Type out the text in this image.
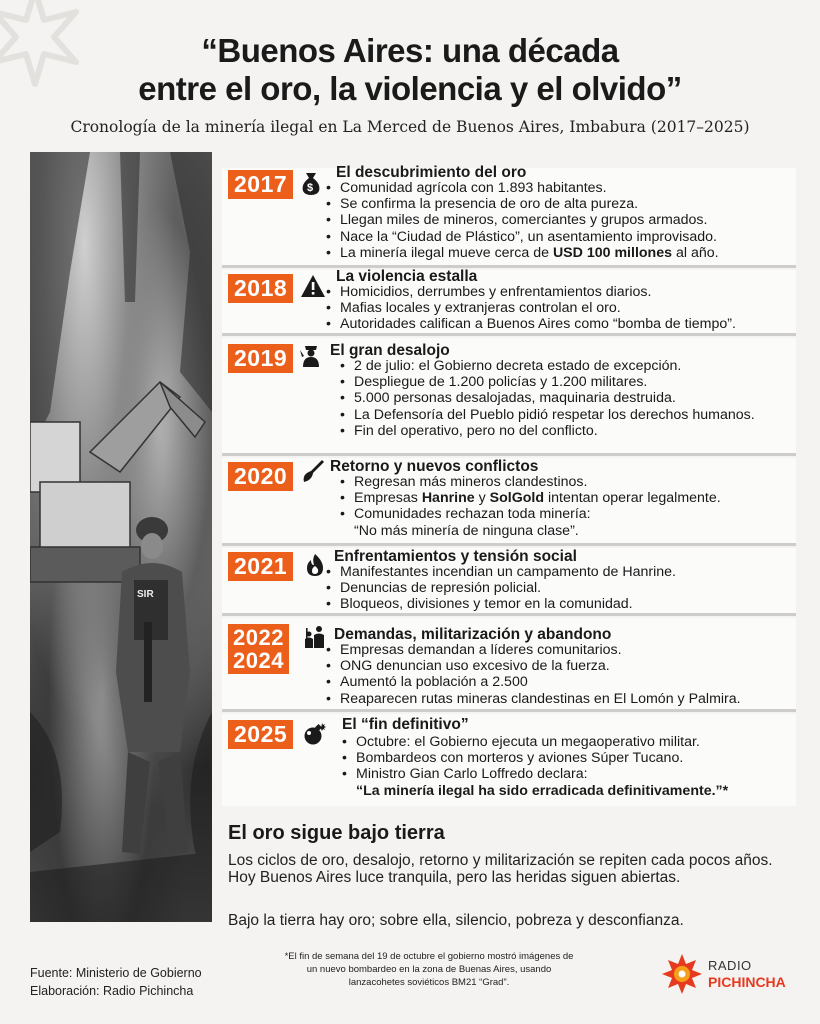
“Buenos Aires: una década
entre el oro, la violencia y el olvido”
Cronología de la minería ilegal en La Merced de Buenos Aires, Imbabura (2017–2025)
SIR
2017	$
El descubrimiento del oro
• Comunidad agrícola con 1.893 habitantes.
• Se confirma la presencia de oro de alta pureza.
• Llegan miles de mineros, comerciantes y grupos armados.
• Nace la “Ciudad de Plástico”, un asentamiento improvisado.
• La minería ilegal mueve cerca de USD 100 millones al año.
2018	La violencia estalla
• Homicidios, derrumbes y enfrentamientos diarios.
• Mafias locales y extranjeras controlan el oro.
• Autoridades califican a Buenos Aires como “bomba de tiempo”.
2019	El gran desalojo
• 2 de julio: el Gobierno decreta estado de excepción.
• Despliegue de 1.200 policías y 1.200 militares.
• 5.000 personas desalojadas, maquinaria destruida.
• La Defensoría del Pueblo pidió respetar los derechos humanos.
• Fin del operativo, pero no del conflicto.
2020	Retorno y nuevos conflictos
• Regresan más mineros clandestinos.
• Empresas Hanrine y SolGold intentan operar legalmente.
• Comunidades rechazan toda minería:
“No más minería de ninguna clase”.
2021	Enfrentamientos y tensión social
• Manifestantes incendian un campamento de Hanrine.
• Denuncias de represión policial.
• Bloqueos, divisiones y temor en la comunidad.
2022
2024
Demandas, militarización y abandono
• Empresas demandan a líderes comunitarios.
• ONG denuncian uso excesivo de la fuerza.
• Aumentó la población a 2.500
• Reaparecen rutas mineras clandestinas en El Lomón y Palmira.
2025	El “fin definitivo”
• Octubre: el Gobierno ejecuta un megaoperativo militar.
• Bombardeos con morteros y aviones Súper Tucano.
• Ministro Gian Carlo Loffredo declara:
“La minería ilegal ha sido erradicada definitivamente.”*
El oro sigue bajo tierra

Los ciclos de oro, desalojo, retorno y militarización se repiten cada pocos años. Hoy Buenos Aires luce tranquila, pero las heridas siguen abiertas.

Bajo la tierra hay oro; sobre ella, silencio, pobreza y desconfianza.

Fuente: Ministerio de Gobierno
Elaboración: Radio Pichincha
*El fin de semana del 19 de octubre el gobierno mostró imágenes de un nuevo bombardeo en la zona de Buenas Aires, usando lanzacohetes soviéticos BM21 “Grad”.
RADIO
PICHINCHA
